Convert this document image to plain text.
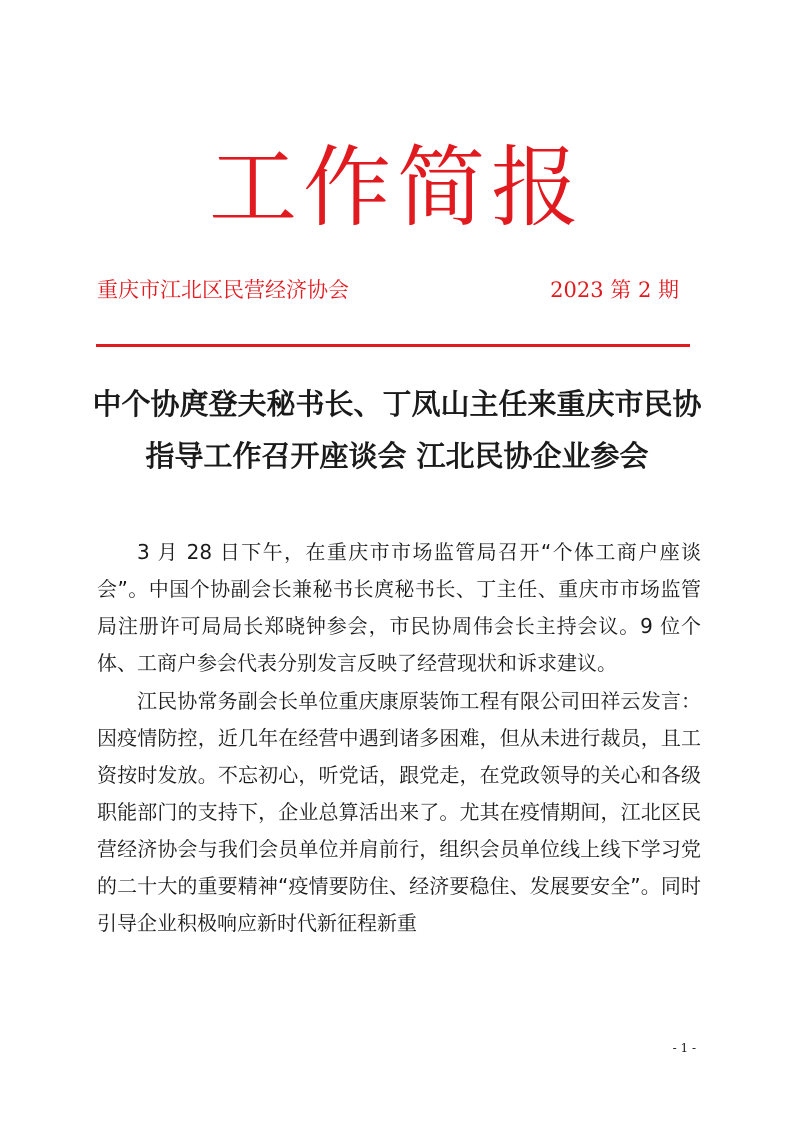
工作简报
重庆市江北区民营经济协会	2023 第 2 期
中个协庹登夫秘书长、丁凤山主任来重庆市民协指导工作召开座谈会 江北民协企业参会

3 月 28 日下午，在重庆市市场监管局召开“个体工商户座谈会”。中国个协副会长兼秘书长庹秘书长、丁主任、重庆市市场监管局注册许可局局长郑晓钟参会，市民协周伟会长主持会议。9 位个体、工商户参会代表分别发言反映了经营现状和诉求建议。

江民协常务副会长单位重庆康原装饰工程有限公司田祥云发言：因疫情防控，近几年在经营中遇到诸多困难，但从未进行裁员，且工资按时发放。不忘初心，听党话，跟党走，在党政领导的关心和各级职能部门的支持下，企业总算活出来了。尤其在疫情期间，江北区民营经济协会与我们会员单位并肩前行，组织会员单位线上线下学习党的二十大的重要精神“疫情要防住、经济要稳住、发展要安全”。同时引导企业积极响应新时代新征程新重

- 1 -
